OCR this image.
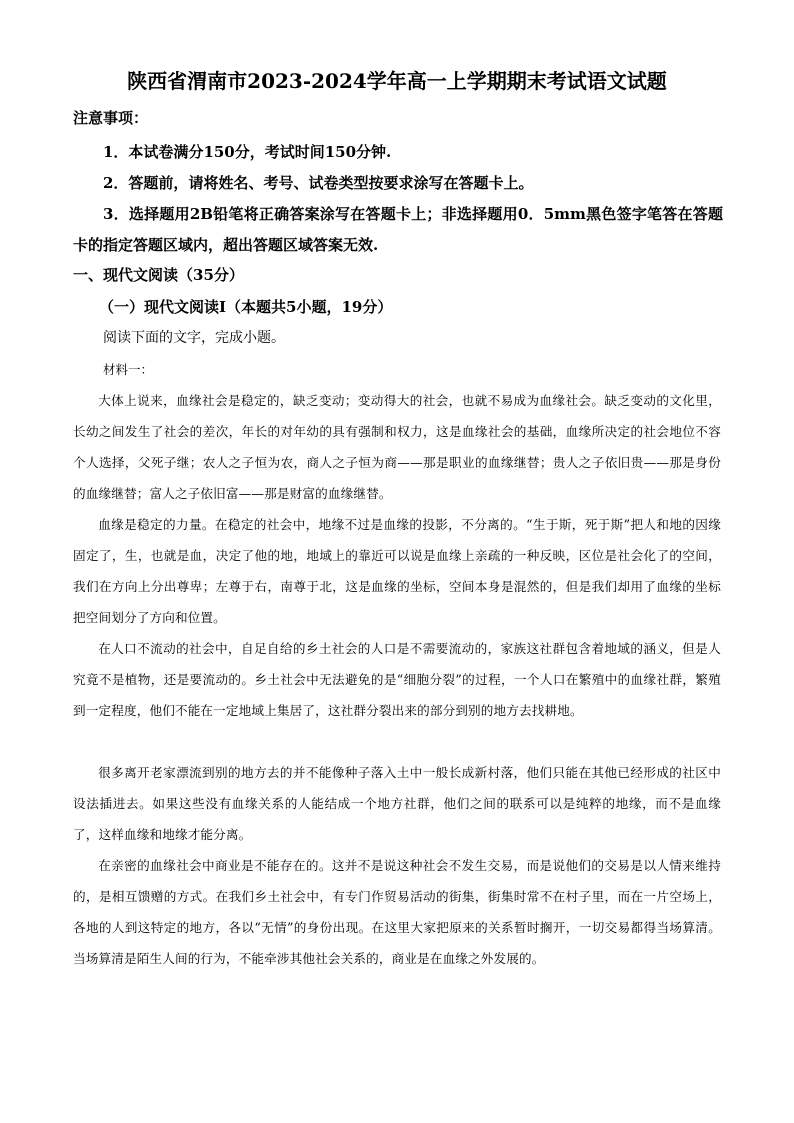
陕西省渭南市2023-2024学年高一上学期期末考试语文试题
注意事项：
1．本试卷满分150分，考试时间150分钟.
2．答题前，请将姓名、考号、试卷类型按要求涂写在答题卡上。
3．选择题用2B铅笔将正确答案涂写在答题卡上；非选择题用0．5mm黑色签字笔答在答题卡的指定答题区域内，超出答题区域答案无效.
一、现代文阅读（35分）
（一）现代文阅读Ⅰ（本题共5小题，19分）
阅读下面的文字，完成小题。
材料一：
大体上说来，血缘社会是稳定的，缺乏变动；变动得大的社会，也就不易成为血缘社会。缺乏变动的文化里，长幼之间发生了社会的差次，年长的对年幼的具有强制和权力，这是血缘社会的基础，血缘所决定的社会地位不容个人选择，父死子继；农人之子恒为农，商人之子恒为商——那是职业的血缘继替；贵人之子依旧贵——那是身份的血缘继替；富人之子依旧富——那是财富的血缘继替。
血缘是稳定的力量。在稳定的社会中，地缘不过是血缘的投影，不分离的。“生于斯，死于斯”把人和地的因缘固定了，生，也就是血，决定了他的地，地域上的靠近可以说是血缘上亲疏的一种反映，区位是社会化了的空间，我们在方向上分出尊卑；左尊于右，南尊于北，这是血缘的坐标，空间本身是混然的，但是我们却用了血缘的坐标把空间划分了方向和位置。
在人口不流动的社会中，自足自给的乡土社会的人口是不需要流动的，家族这社群包含着地域的涵义，但是人究竟不是植物，还是要流动的。乡土社会中无法避免的是“细胞分裂”的过程，一个人口在繁殖中的血缘社群，繁殖到一定程度，他们不能在一定地域上集居了，这社群分裂出来的部分到别的地方去找耕地。
很多离开老家漂流到别的地方去的并不能像种子落入土中一般长成新村落，他们只能在其他已经形成的社区中设法插进去。如果这些没有血缘关系的人能结成一个地方社群，他们之间的联系可以是纯粹的地缘，而不是血缘了，这样血缘和地缘才能分离。
在亲密的血缘社会中商业是不能存在的。这并不是说这种社会不发生交易，而是说他们的交易是以人情来维持的，是相互馈赠的方式。在我们乡土社会中，有专门作贸易活动的街集，街集时常不在村子里，而在一片空场上，各地的人到这特定的地方，各以“无情”的身份出现。在这里大家把原来的关系暂时搁开，一切交易都得当场算清。当场算清是陌生人间的行为，不能牵涉其他社会关系的，商业是在血缘之外发展的。
